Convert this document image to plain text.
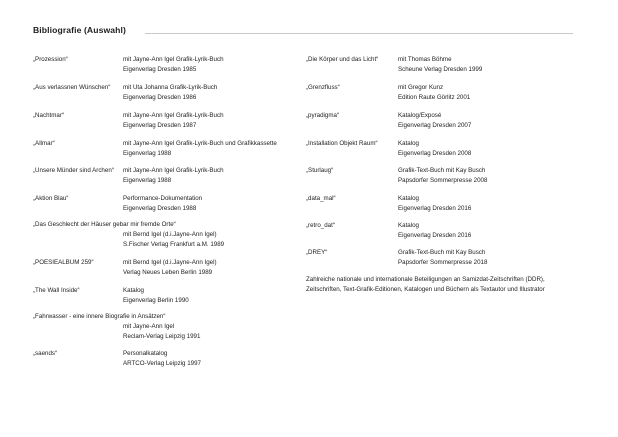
Bibliografie (Auswahl)
„Prozession“	mit Jayne-Ann Igel Grafik-Lyrik-Buch
Eigenverlag Dresden 1985
„Aus verlassnen Wünschen“ mit Uta Johanna Grafik-Lyrik-Buch
Eigenverlag Dresden 1986
„Nachtmar“	mit Jayne-Ann Igel Grafik-Lyrik-Buch
Eigenverlag Dresden 1987
„Allmar“	mit Jayne-Ann Igel Grafik-Lyrik-Buch und Grafikkassette
Eigenverlag 1988
„Unsere Münder sind Archen“ mit Jayne-Ann Igel Grafik-Lyrik-Buch
Eigenverlag 1988
„Aktion Blau“	Performance-Dokumentation
Eigenverlag Dresden 1988
„Das Geschlecht der Häuser gebar mir fremde Orte“
mit Bernd Igel (d.i.Jayne-Ann Igel)
S.Fischer Verlag Frankfurt a.M. 1989
„POESIEALBUM 259“	mit Bernd Igel (d.i.Jayne-Ann Igel)
Verlag Neues Leben Berlin 1989
„The Wall Inside“	Katalog
Eigenverlag Berlin 1990
„Fahrwasser - eine innere Biografie in Ansätzen“
mit Jayne-Ann Igel
Reclam-Verlag Leipzig 1991
„saends“	Personalkatalog
ARTCO-Verlag Leipzig 1997
„Die Körper und das Licht“	mit Thomas Böhme
Scheune Verlag Dresden 1999
„Grenzfluss“	mit Gregor Kunz
Edition Raute Görlitz 2001
„pyradigma“	Katalog/Exposé
Eigenverlag Dresden 2007
„Installation Objekt Raum“	Katalog
Eigenverlag Dresden 2008
„Sturlaug“	Grafik-Text-Buch mit Kay Busch
Papsdorfer Sommerpresse 2008
„data_mal“	Katalog
Eigenverlag Dresden 2016
„retro_dat“	Katalog
Eigenverlag Dresden 2016
„DREY“	Grafik-Text-Buch mit Kay Busch
Papsdorfer Sommerpresse 2018
Zahlreiche nationale und internationale Beteiligungen an Samizdat-Zeitschriften (DDR),
Zeitschriften, Text-Grafik-Editionen, Katalogen und Büchern als Textautor und Illustrator
